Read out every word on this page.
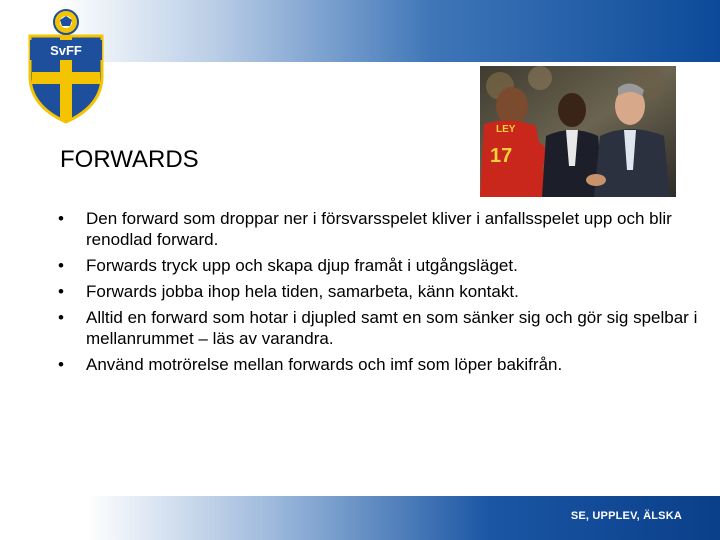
SvFF
17
LEY
FORWARDS
• Den forward som droppar ner i försvarsspelet kliver i anfallsspelet upp och blir renodlad forward.
• Forwards tryck upp och skapa djup framåt i utgångsläget.
• Forwards jobba ihop hela tiden, samarbeta, känn kontakt.
• Alltid en forward som hotar i djupled samt en som sänker sig och gör sig spelbar i mellanrummet – läs av varandra.
• Använd motrörelse mellan forwards och imf som löper bakifrån.
SE, UPPLEV, ÄLSKA
